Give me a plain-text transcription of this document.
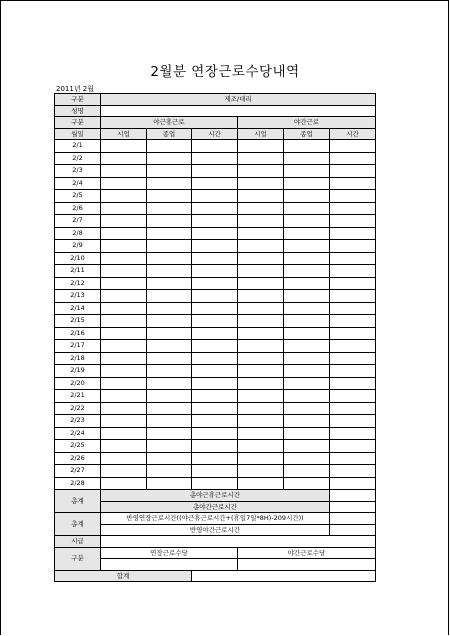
2월분 연장근로수당내역
2011년 2월
구분	제조/대리					
성명						
구분	야근휴근로			야간근로		
월일	시업	종업	시간	시업	종업	시간
2/1						
2/2						
2/3						
2/4						
2/5						
2/6						
2/7						
2/8						
2/9						
2/10						
2/11						
2/12						
2/13						
2/14						
2/15						
2/16						
2/17						
2/18						
2/19						
2/20						
2/21						
2/22						
2/23						
2/24						
2/25						
2/26						
2/27						
2/28						
총계	총야근휴근로시간					
	총야간근로시간					
총계	반영연장근로시간((야근휴근로시간+(휴일7일*8H)-209시간))					
	반영야간근로시간					
시급						
구분	연장근로수당			야간근로수당		

합계						
